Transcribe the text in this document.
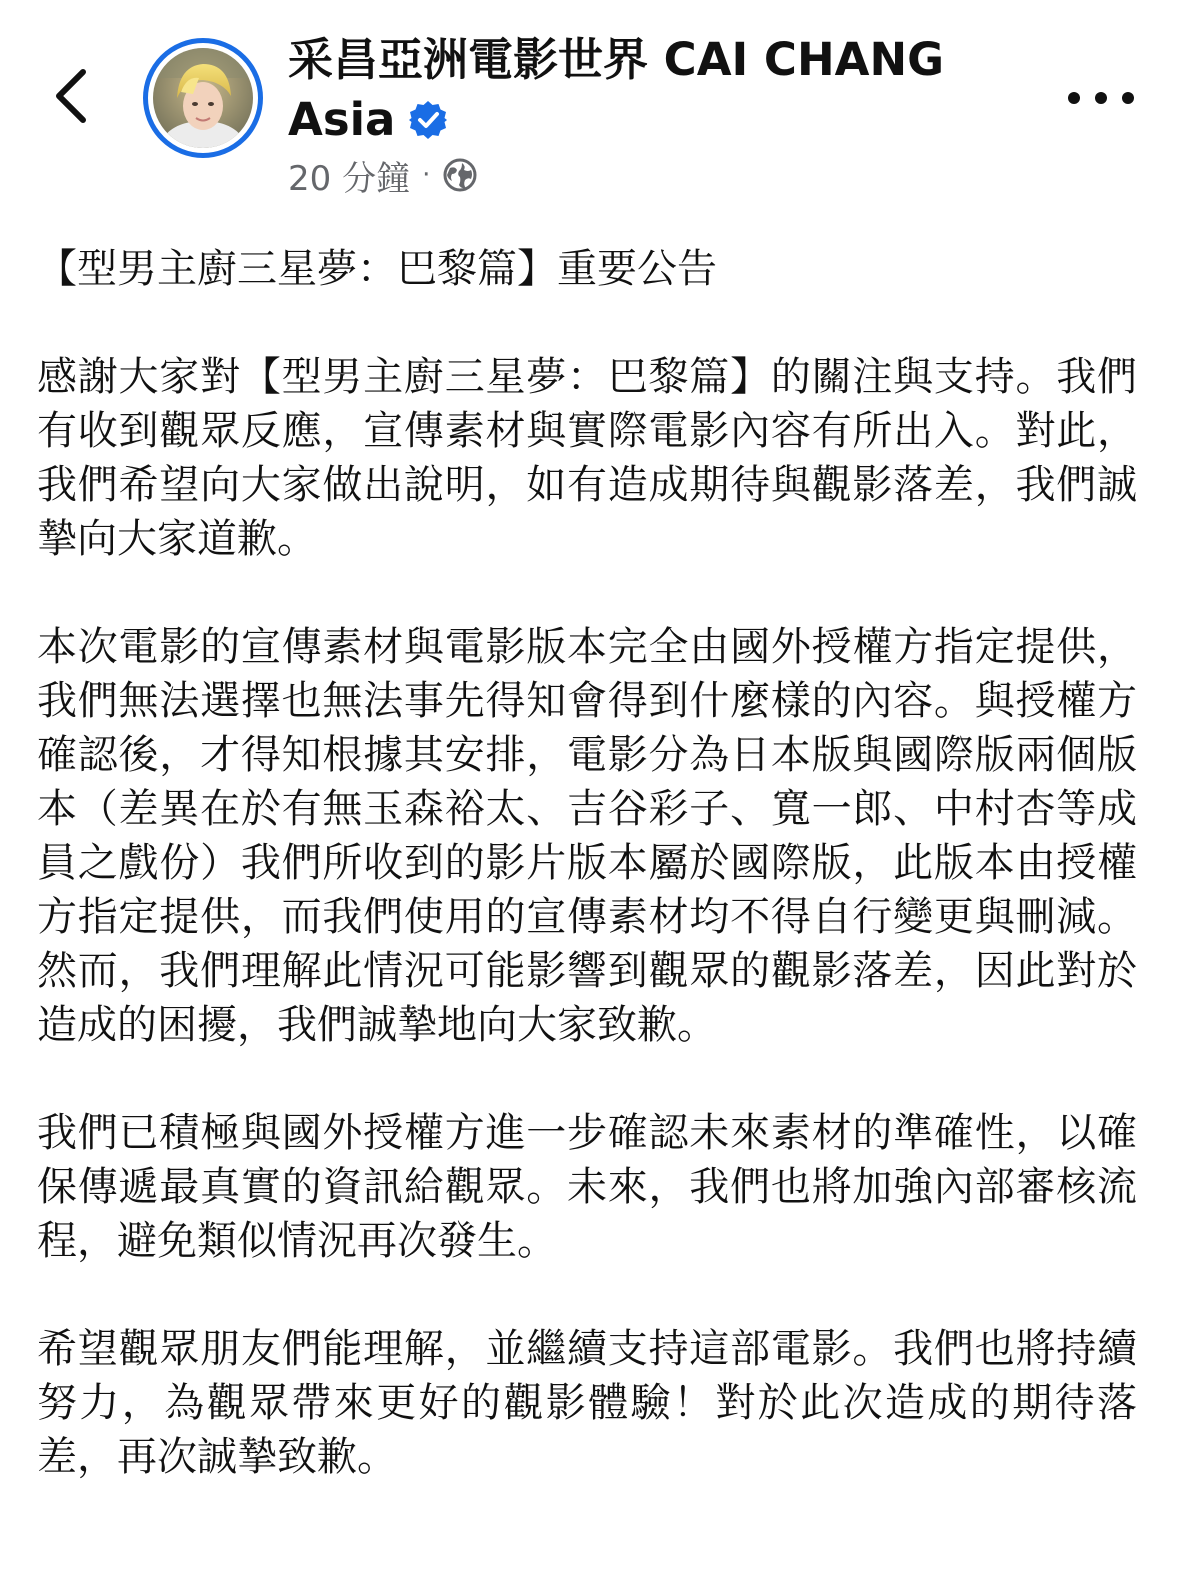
采昌亞洲電影世界 CAI CHANG
Asia
20 分鐘 ·

【型男主廚三星夢：巴黎篇】重要公告

感謝大家對【型男主廚三星夢：巴黎篇】的關注與支持。我們有收到觀眾反應，宣傳素材與實際電影內容有所出入。對此，我們希望向大家做出說明，如有造成期待與觀影落差，我們誠摯向大家道歉。

本次電影的宣傳素材與電影版本完全由國外授權方指定提供，我們無法選擇也無法事先得知會得到什麼樣的內容。與授權方確認後，才得知根據其安排，電影分為日本版與國際版兩個版本（差異在於有無玉森裕太、吉谷彩子、寬一郎、中村杏等成員之戲份）我們所收到的影片版本屬於國際版，此版本由授權方指定提供，而我們使用的宣傳素材均不得自行變更與刪減。然而，我們理解此情況可能影響到觀眾的觀影落差，因此對於造成的困擾，我們誠摯地向大家致歉。

我們已積極與國外授權方進一步確認未來素材的準確性，以確保傳遞最真實的資訊給觀眾。未來，我們也將加強內部審核流程，避免類似情況再次發生。

希望觀眾朋友們能理解，並繼續支持這部電影。我們也將持續努力，為觀眾帶來更好的觀影體驗！對於此次造成的期待落差，再次誠摯致歉。
